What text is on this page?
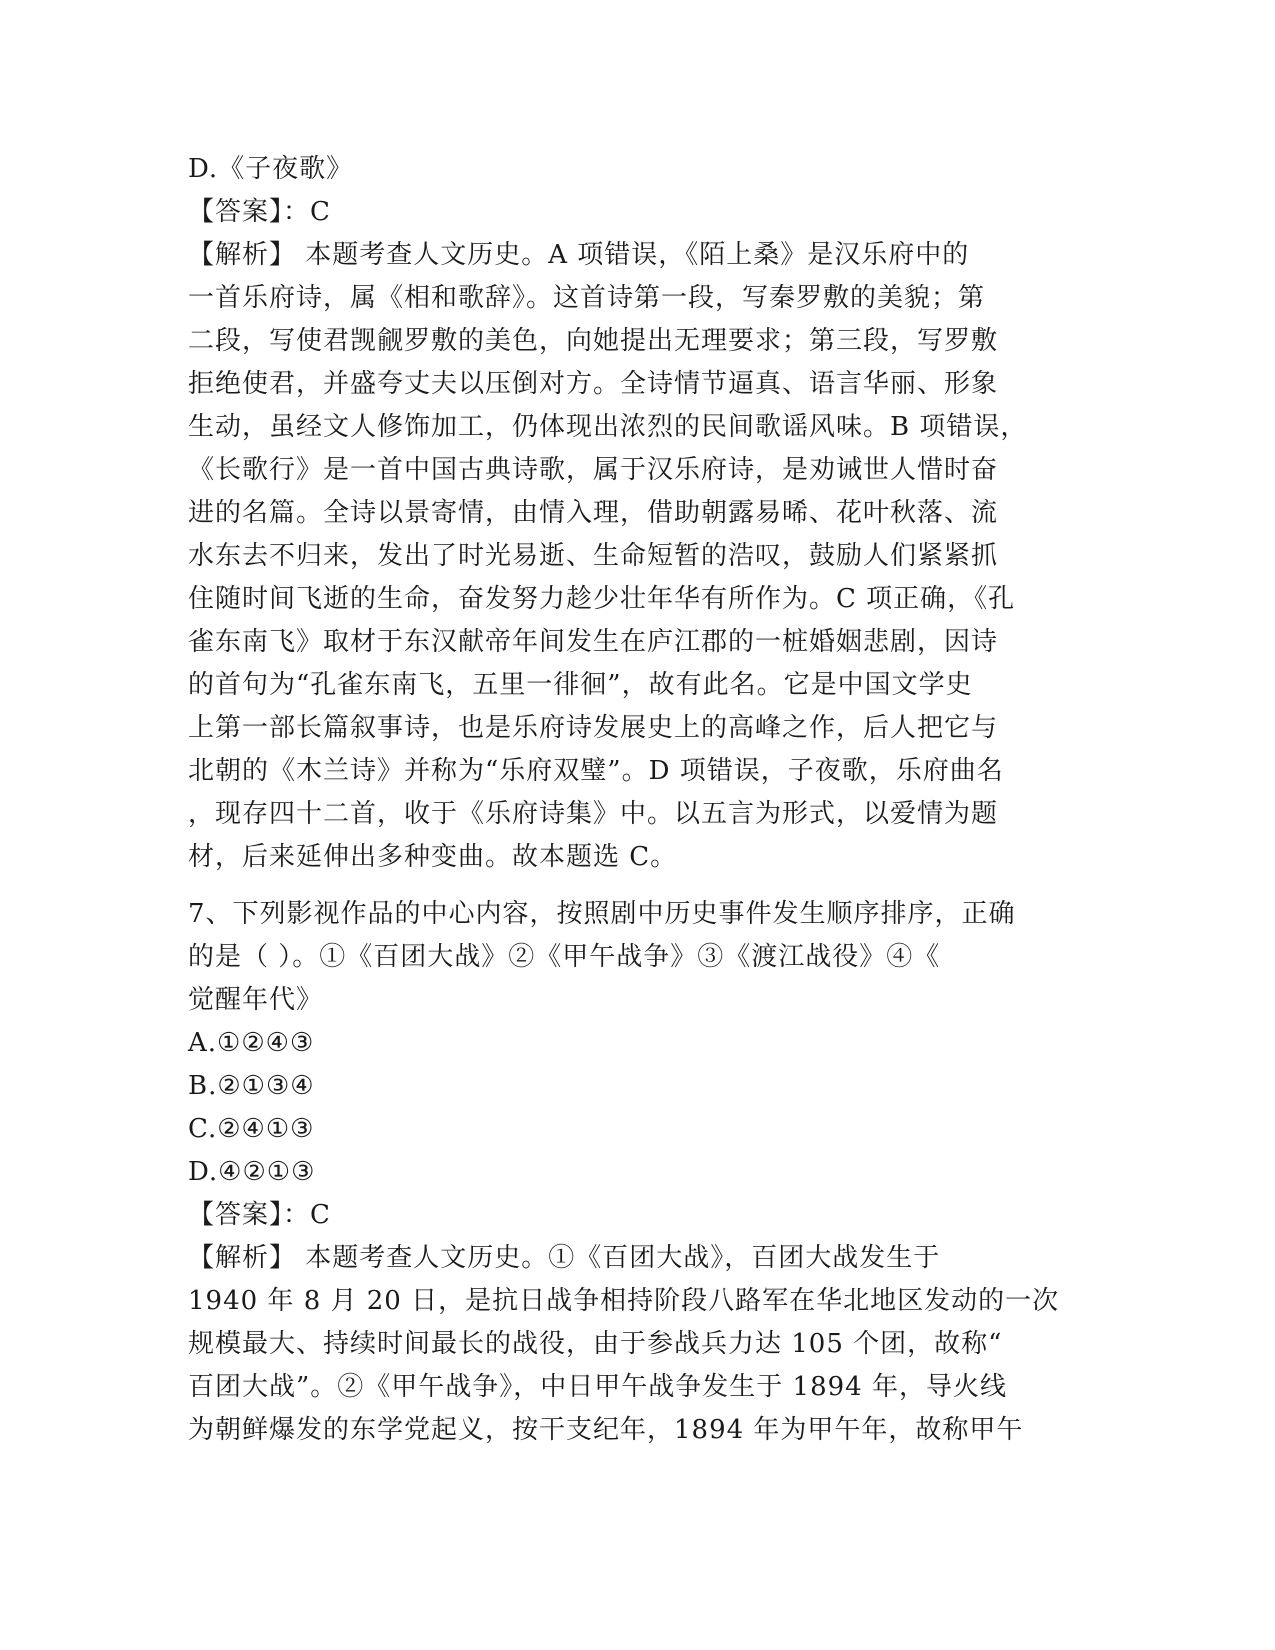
D.《子夜歌》
【答案】：C
【解析】 本题考查人文历史。A 项错误，《陌上桑》是汉乐府中的
一首乐府诗，属《相和歌辞》。这首诗第一段，写秦罗敷的美貌；第
二段，写使君觊觎罗敷的美色，向她提出无理要求；第三段，写罗敷
拒绝使君，并盛夸丈夫以压倒对方。全诗情节逼真、语言华丽、形象
生动，虽经文人修饰加工，仍体现出浓烈的民间歌谣风味。B 项错误，
《长歌行》是一首中国古典诗歌，属于汉乐府诗，是劝诫世人惜时奋
进的名篇。全诗以景寄情，由情入理，借助朝露易晞、花叶秋落、流
水东去不归来，发出了时光易逝、生命短暂的浩叹，鼓励人们紧紧抓
住随时间飞逝的生命，奋发努力趁少壮年华有所作为。C 项正确，《孔
雀东南飞》取材于东汉献帝年间发生在庐江郡的一桩婚姻悲剧，因诗
的首句为“孔雀东南飞，五里一徘徊”，故有此名。它是中国文学史
上第一部长篇叙事诗，也是乐府诗发展史上的高峰之作，后人把它与
北朝的《木兰诗》并称为“乐府双璧”。D 项错误，子夜歌，乐府曲名
，现存四十二首，收于《乐府诗集》中。以五言为形式，以爱情为题
材，后来延伸出多种变曲。故本题选 C。
7、下列影视作品的中心内容，按照剧中历史事件发生顺序排序，正确
的是（ ）。①《百团大战》②《甲午战争》③《渡江战役》④《
觉醒年代》
A.①②④③
B.②①③④
C.②④①③
D.④②①③
【答案】：C
【解析】 本题考查人文历史。①《百团大战》，百团大战发生于
1940 年 8 月 20 日，是抗日战争相持阶段八路军在华北地区发动的一次
规模最大、持续时间最长的战役，由于参战兵力达 105 个团，故称“
百团大战”。②《甲午战争》，中日甲午战争发生于 1894 年，导火线
为朝鲜爆发的东学党起义，按干支纪年，1894 年为甲午年，故称甲午
